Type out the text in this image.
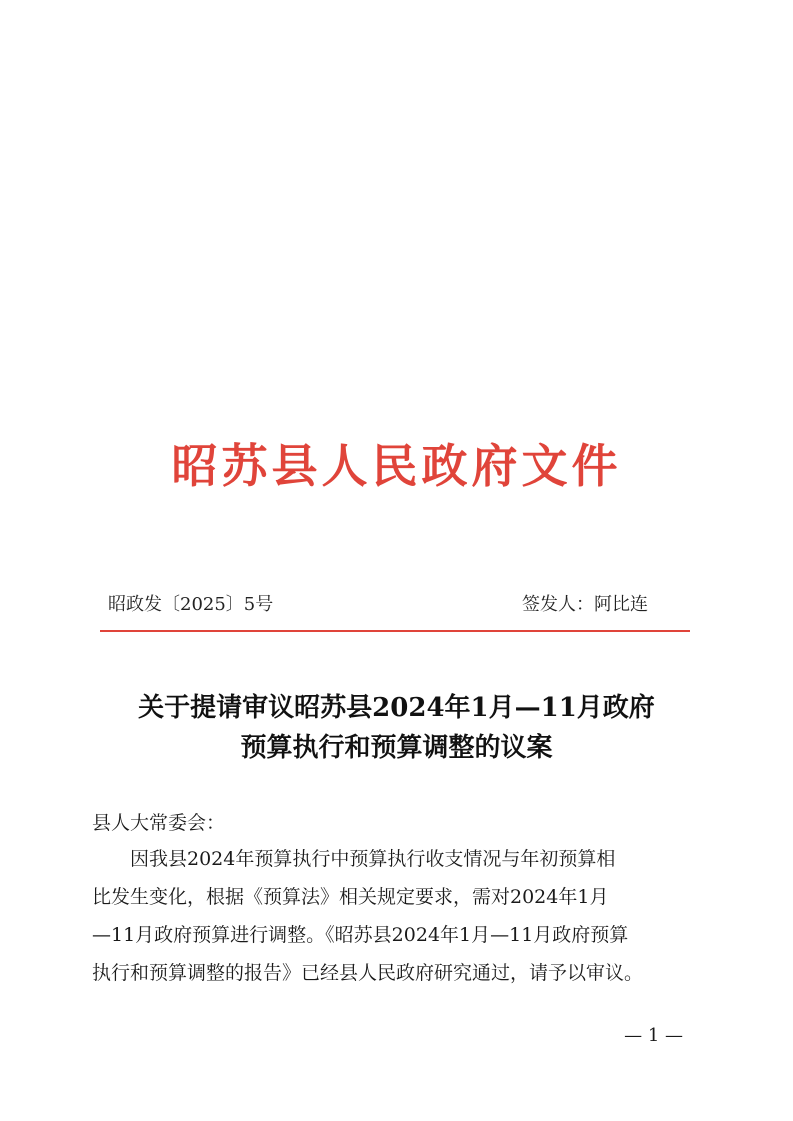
昭苏县人民政府文件
昭政发〔2025〕5号	签发人：阿比连
关于提请审议昭苏县2024年1月—11月政府
预算执行和预算调整的议案
县人大常委会：
因我县2024年预算执行中预算执行收支情况与年初预算相
比发生变化，根据《预算法》相关规定要求，需对2024年1月
—11月政府预算进行调整。《昭苏县2024年1月—11月政府预算
执行和预算调整的报告》已经县人民政府研究通过，请予以审议。
— 1 —
